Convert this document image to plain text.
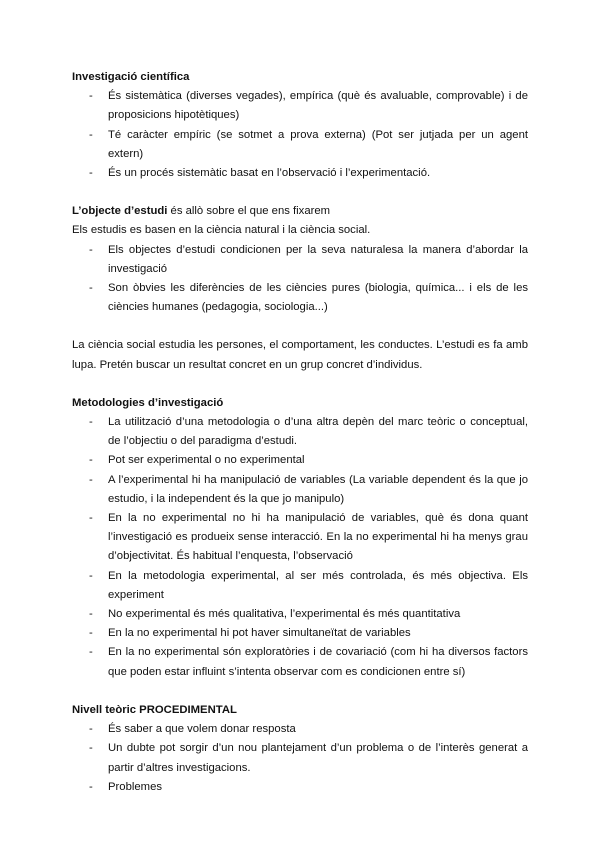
Investigació científica

- És sistemàtica (diverses vegades), empírica (què és avaluable, comprovable) i de proposicions hipotètiques)
- Té caràcter empíric (se sotmet a prova externa) (Pot ser jutjada per un agent extern)
- És un procés sistemàtic basat en l’observació i l’experimentació.

L’objecte d’estudi és allò sobre el que ens fixarem

Els estudis es basen en la ciència natural i la ciència social.

- Els objectes d’estudi condicionen per la seva naturalesa la manera d’abordar la investigació
- Son òbvies les diferències de les ciències pures (biologia, química... i els de les ciències humanes (pedagogia, sociologia...)

La ciència social estudia les persones, el comportament, les conductes. L’estudi es fa amb lupa. Pretén buscar un resultat concret en un grup concret d’individus.

Metodologies d’investigació

- La utilització d’una metodologia o d’una altra depèn del marc teòric o conceptual, de l’objectiu o del paradigma d’estudi.
- Pot ser experimental o no experimental
- A l’experimental hi ha manipulació de variables (La variable dependent és la que jo estudio, i la independent és la que jo manipulo)
- En la no experimental no hi ha manipulació de variables, què és dona quant l’investigació es produeix sense interacció. En la no experimental hi ha menys grau d’objectivitat. És habitual l’enquesta, l’observació
- En la metodologia experimental, al ser més controlada, és més objectiva. Els experiment
- No experimental és més qualitativa, l’experimental és més quantitativa
- En la no experimental hi pot haver simultaneïtat de variables
- En la no experimental són exploratòries i de covariació (com hi ha diversos factors que poden estar influint s’intenta observar com es condicionen entre sí)

Nivell teòric PROCEDIMENTAL

- És saber a que volem donar resposta
- Un dubte pot sorgir d’un nou plantejament d’un problema o de l’interès generat a partir d’altres investigacions.
- Problemes
